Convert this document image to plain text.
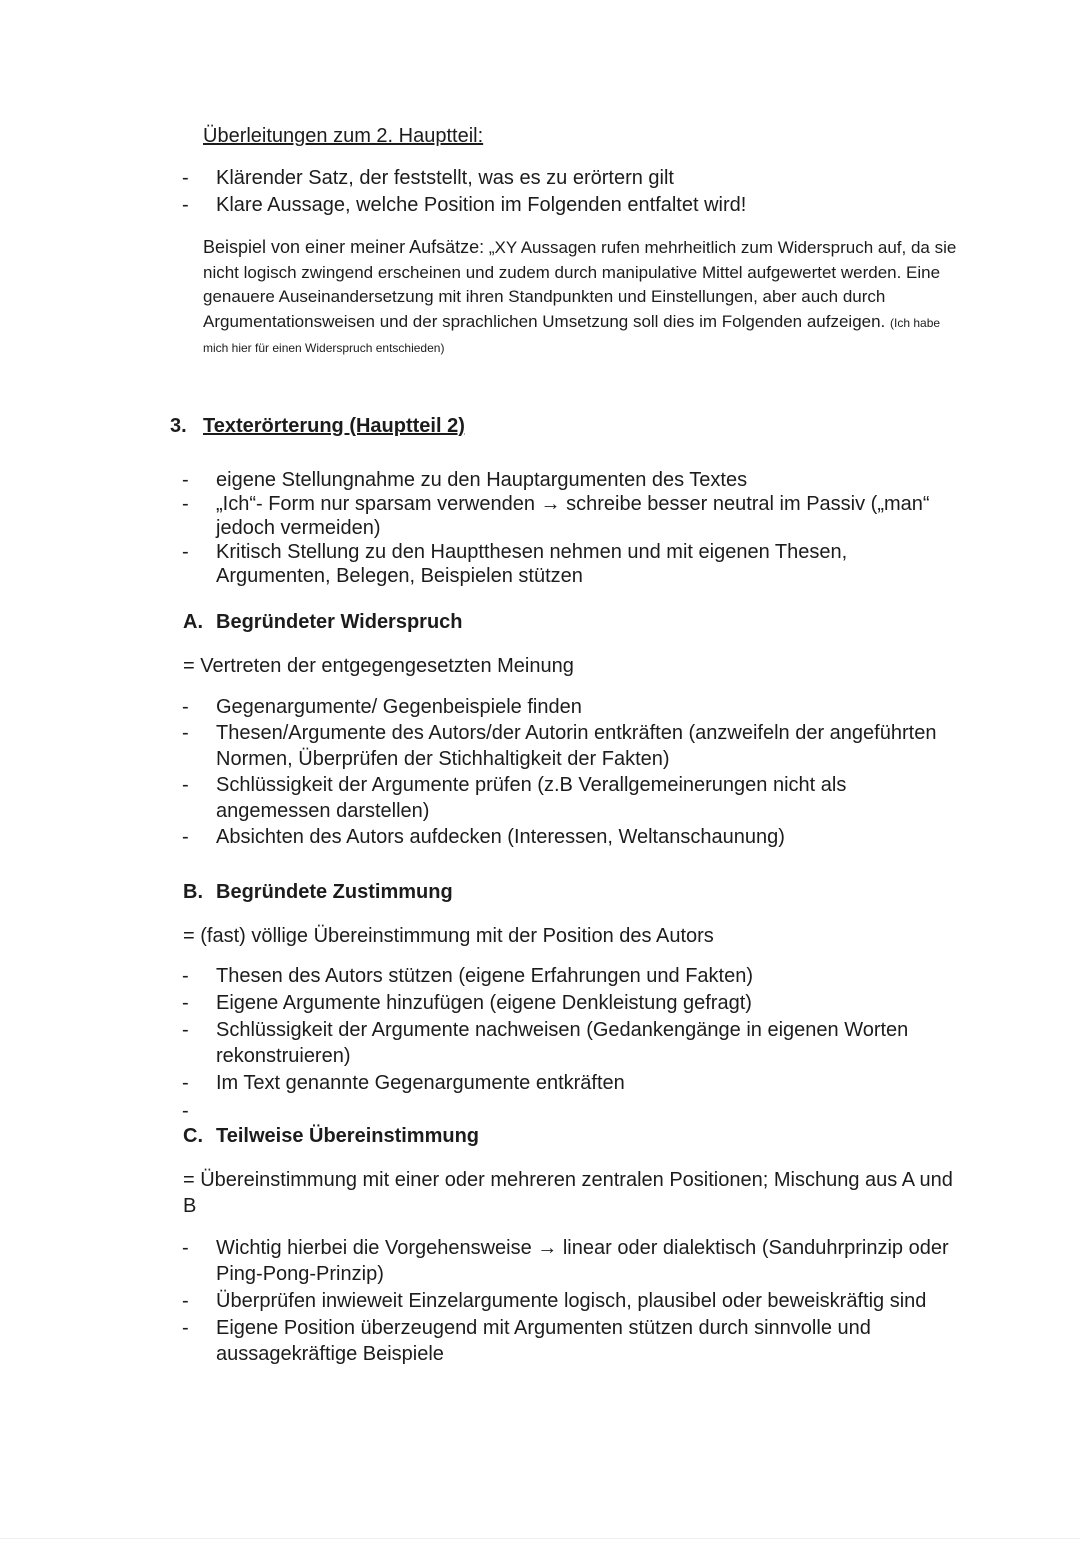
Überleitungen zum 2. Hauptteil:
- Klärender Satz, der feststellt, was es zu erörtern gilt
- Klare Aussage, welche Position im Folgenden entfaltet wird!
Beispiel von einer meiner Aufsätze: „XY Aussagen rufen mehrheitlich zum Widerspruch auf, da sie nicht logisch zwingend erscheinen und zudem durch manipulative Mittel aufgewertet werden. Eine genauere Auseinandersetzung mit ihren Standpunkten und Einstellungen, aber auch durch Argumentationsweisen und der sprachlichen Umsetzung soll dies im Folgenden aufzeigen. (Ich habe mich hier für einen Widerspruch entschieden)
3. Texterörterung (Hauptteil 2)
- eigene Stellungnahme zu den Hauptargumenten des Textes
- „Ich“- Form nur sparsam verwenden → schreibe besser neutral im Passiv („man“ jedoch vermeiden)
- Kritisch Stellung zu den Hauptthesen nehmen und mit eigenen Thesen, Argumenten, Belegen, Beispielen stützen
A. Begründeter Widerspruch
= Vertreten der entgegengesetzten Meinung
- Gegenargumente/ Gegenbeispiele finden
- Thesen/Argumente des Autors/der Autorin entkräften (anzweifeln der angeführten Normen, Überprüfen der Stichhaltigkeit der Fakten)
- Schlüssigkeit der Argumente prüfen (z.B Verallgemeinerungen nicht als angemessen darstellen)
- Absichten des Autors aufdecken (Interessen, Weltanschaunung)
B. Begründete Zustimmung
= (fast) völlige Übereinstimmung mit der Position des Autors
- Thesen des Autors stützen (eigene Erfahrungen und Fakten)
- Eigene Argumente hinzufügen (eigene Denkleistung gefragt)
- Schlüssigkeit der Argumente nachweisen (Gedankengänge in eigenen Worten rekonstruieren)
- Im Text genannte Gegenargumente entkräften
-
C. Teilweise Übereinstimmung
= Übereinstimmung mit einer oder mehreren zentralen Positionen; Mischung aus A und B
- Wichtig hierbei die Vorgehensweise → linear oder dialektisch (Sanduhrprinzip oder Ping-Pong-Prinzip)
- Überprüfen inwieweit Einzelargumente logisch, plausibel oder beweiskräftig sind
- Eigene Position überzeugend mit Argumenten stützen durch sinnvolle und aussagekräftige Beispiele
